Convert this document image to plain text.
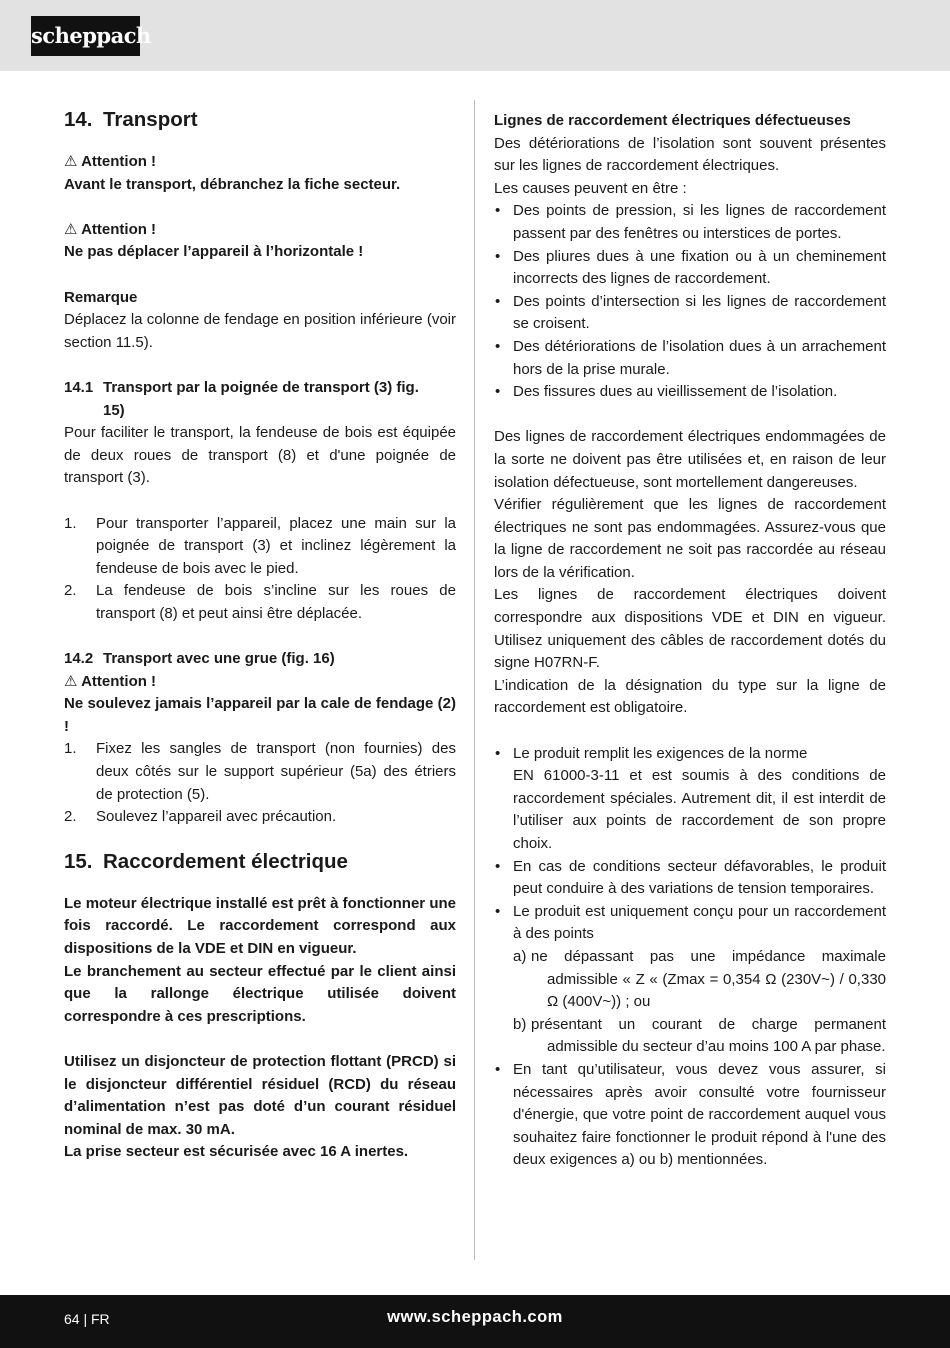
scheppach
14. Transport
⚠ Attention !
Avant le transport, débranchez la fiche secteur.
⚠ Attention !
Ne pas déplacer l’appareil à l’horizontale !
Remarque
Déplacez la colonne de fendage en position inférieure (voir section 11.5).
14.1 Transport par la poignée de transport (3) fig. 15)
Pour faciliter le transport, la fendeuse de bois est équipée de deux roues de transport (8) et d'une poignée de transport (3).
1.	Pour transporter l’appareil, placez une main sur la poignée de transport (3) et inclinez légèrement la fendeuse de bois avec le pied.
2.	La fendeuse de bois s’incline sur les roues de transport (8) et peut ainsi être déplacée.
14.2 Transport avec une grue (fig. 16)
⚠ Attention !
Ne soulevez jamais l’appareil par la cale de fendage (2) !
1.	Fixez les sangles de transport (non fournies) des deux côtés sur le support supérieur (5a) des étriers de protection (5).
2.	Soulevez l’appareil avec précaution.
15. Raccordement électrique
Le moteur électrique installé est prêt à fonctionner une fois raccordé. Le raccordement correspond aux dispositions de la VDE et DIN en vigueur.
Le branchement au secteur effectué par le client ainsi que la rallonge électrique utilisée doivent correspondre à ces prescriptions.
Utilisez un disjoncteur de protection flottant (PRCD) si le disjoncteur différentiel résiduel (RCD) du réseau d’alimentation n’est pas doté d’un courant résiduel nominal de max. 30 mA.
La prise secteur est sécurisée avec 16 A inertes.
Lignes de raccordement électriques défectueuses
Des détériorations de l’isolation sont souvent présentes sur les lignes de raccordement électriques.
Les causes peuvent en être :
• Des points de pression, si les lignes de raccordement passent par des fenêtres ou interstices de portes.
• Des pliures dues à une fixation ou à un cheminement incorrects des lignes de raccordement.
• Des points d’intersection si les lignes de raccordement se croisent.
• Des détériorations de l’isolation dues à un arrachement hors de la prise murale.
• Des fissures dues au vieillissement de l’isolation.
Des lignes de raccordement électriques endommagées de la sorte ne doivent pas être utilisées et, en raison de leur isolation défectueuse, sont mortellement dangereuses.
Vérifier régulièrement que les lignes de raccordement électriques ne sont pas endommagées. Assurez-vous que la ligne de raccordement ne soit pas raccordée au réseau lors de la vérification.
Les lignes de raccordement électriques doivent correspondre aux dispositions VDE et DIN en vigueur. Utilisez uniquement des câbles de raccordement dotés du signe H07RN-F.
L’indication de la désignation du type sur la ligne de raccordement est obligatoire.
• Le produit remplit les exigences de la norme
EN 61000-3-11 et est soumis à des conditions de raccordement spéciales. Autrement dit, il est interdit de l’utiliser aux points de raccordement de son propre choix.
• En cas de conditions secteur défavorables, le produit peut conduire à des variations de tension temporaires.
• Le produit est uniquement conçu pour un raccordement à des points
a) ne dépassant pas une impédance maximale admissible « Z « (Zmax = 0,354 Ω (230V~) / 0,330 Ω (400V~)) ; ou
b) présentant un courant de charge permanent admissible du secteur d’au moins 100 A par phase.
• En tant qu’utilisateur, vous devez vous assurer, si nécessaires après avoir consulté votre fournisseur d'énergie, que votre point de raccordement auquel vous souhaitez faire fonctionner le produit répond à l'une des deux exigences a) ou b) mentionnées.
64 | FR	www.scheppach.com
